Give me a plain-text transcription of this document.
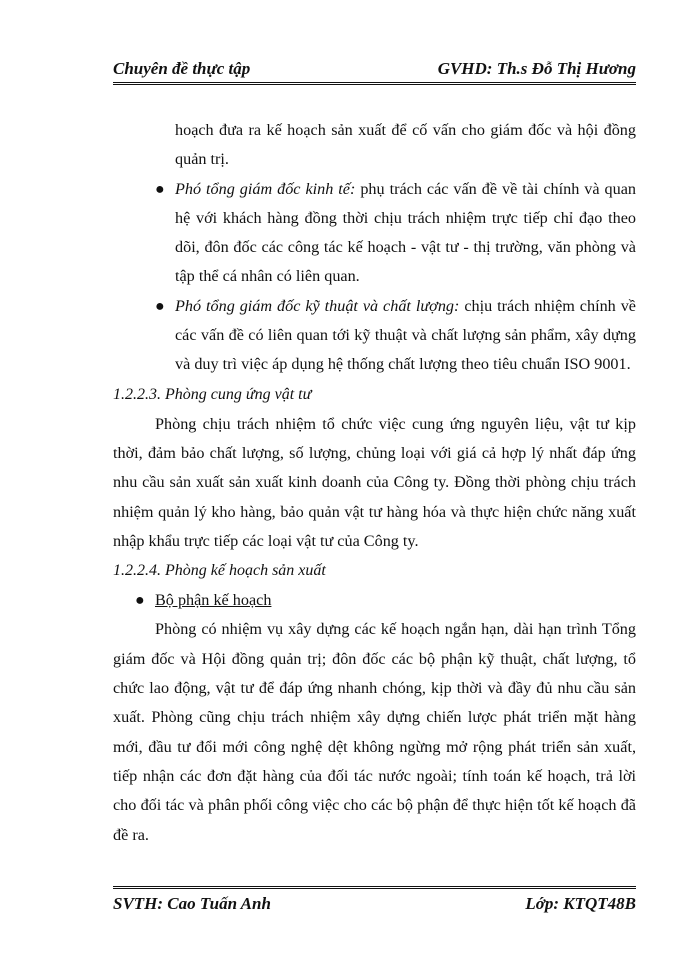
Chuyên đề thực tập	GVHD: Th.s Đỗ Thị Hương

hoạch đưa ra kế hoạch sản xuất để cố vấn cho giám đốc và hội đồng quản trị.

● Phó tổng giám đốc kinh tế: phụ trách các vấn đề về tài chính và quan hệ với khách hàng đồng thời chịu trách nhiệm trực tiếp chỉ đạo theo dõi, đôn đốc các công tác kế hoạch - vật tư - thị trường, văn phòng và tập thể cá nhân có liên quan.

● Phó tổng giám đốc kỹ thuật và chất lượng: chịu trách nhiệm chính về các vấn đề có liên quan tới kỹ thuật và chất lượng sản phẩm, xây dựng và duy trì việc áp dụng hệ thống chất lượng theo tiêu chuẩn ISO 9001.

1.2.2.3. Phòng cung ứng vật tư

Phòng chịu trách nhiệm tổ chức việc cung ứng nguyên liệu, vật tư kịp thời, đảm bảo chất lượng, số lượng, chủng loại với giá cả hợp lý nhất đáp ứng nhu cầu sản xuất sản xuất kinh doanh của Công ty. Đồng thời phòng chịu trách nhiệm quản lý kho hàng, bảo quản vật tư hàng hóa và thực hiện chức năng xuất nhập khẩu trực tiếp các loại vật tư của Công ty.

1.2.2.4. Phòng kế hoạch sản xuất

● Bộ phận kế hoạch

Phòng có nhiệm vụ xây dựng các kế hoạch ngắn hạn, dài hạn trình Tổng giám đốc và Hội đồng quản trị; đôn đốc các bộ phận kỹ thuật, chất lượng, tổ chức lao động, vật tư để đáp ứng nhanh chóng, kịp thời và đầy đủ nhu cầu sản xuất. Phòng cũng chịu trách nhiệm xây dựng chiến lược phát triển mặt hàng mới, đầu tư đổi mới công nghệ dệt không ngừng mở rộng phát triển sản xuất, tiếp nhận các đơn đặt hàng của đối tác nước ngoài; tính toán kế hoạch, trả lời cho đối tác và phân phối công việc cho các bộ phận để thực hiện tốt kế hoạch đã đề ra.

SVTH: Cao Tuấn Anh	Lớp: KTQT48B
